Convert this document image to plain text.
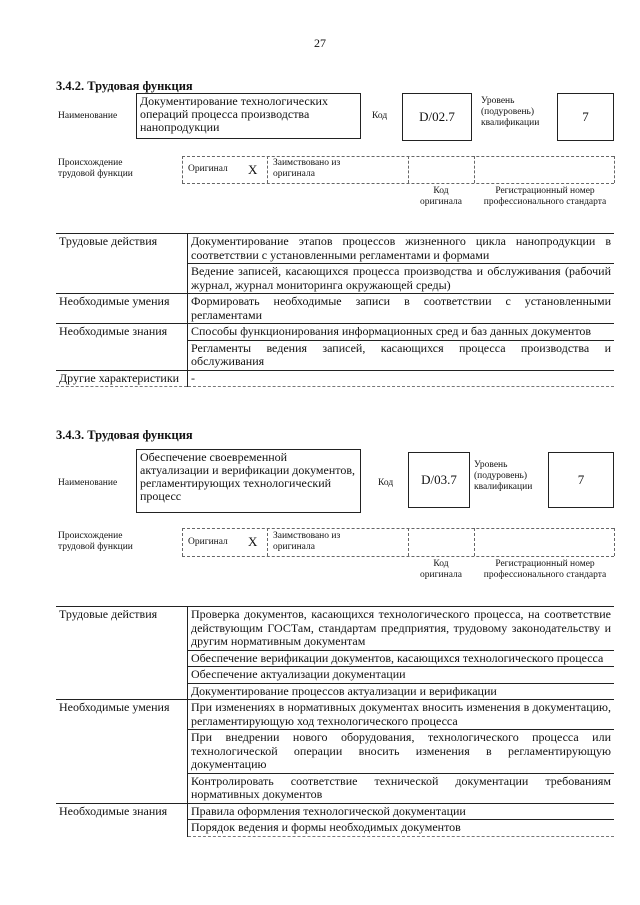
27
3.4.2. Трудовая функция
Наименование
Документирование технологических операций процесса производства нанопродукции
Код	D/02.7
Уровень (подуровень) квалификации	7
Происхождение трудовой функции	Оригинал X Заимствовано из оригинала
Код оригинала
Регистрационный номер профессионального стандарта
Трудовые действия	Документирование этапов процессов жизненного цикла нанопродукции в соответствии с установленными регламентами и формами
	Ведение записей, касающихся процесса производства и обслуживания (рабочий журнал, журнал мониторинга окружающей среды)
Необходимые умения	Формировать необходимые записи в соответствии с установленными регламентами
Необходимые знания	Способы функционирования информационных сред и баз данных документов
	Регламенты ведения записей, касающихся процесса производства и обслуживания
Другие характеристики	-
3.4.3. Трудовая функция
Наименование
Обеспечение своевременной актуализации и верификации документов, регламентирующих технологический процесс
Код	D/03.7
Уровень (подуровень) квалификации	7
Происхождение трудовой функции	Оригинал X Заимствовано из оригинала
Код оригинала
Регистрационный номер профессионального стандарта
Трудовые действия	Проверка документов, касающихся технологического процесса, на соответствие действующим ГОСТам, стандартам предприятия, трудовому законодательству и другим нормативным документам
	Обеспечение верификации документов, касающихся технологического процесса
	Обеспечение актуализации документации
	Документирование процессов актуализации и верификации
Необходимые умения	При изменениях в нормативных документах вносить изменения в документацию, регламентирующую ход технологического процесса
	При внедрении нового оборудования, технологического процесса или технологической операции вносить изменения в регламентирующую документацию
	Контролировать соответствие технической документации требованиям нормативных документов
Необходимые знания	Правила оформления технологической документации
	Порядок ведения и формы необходимых документов
